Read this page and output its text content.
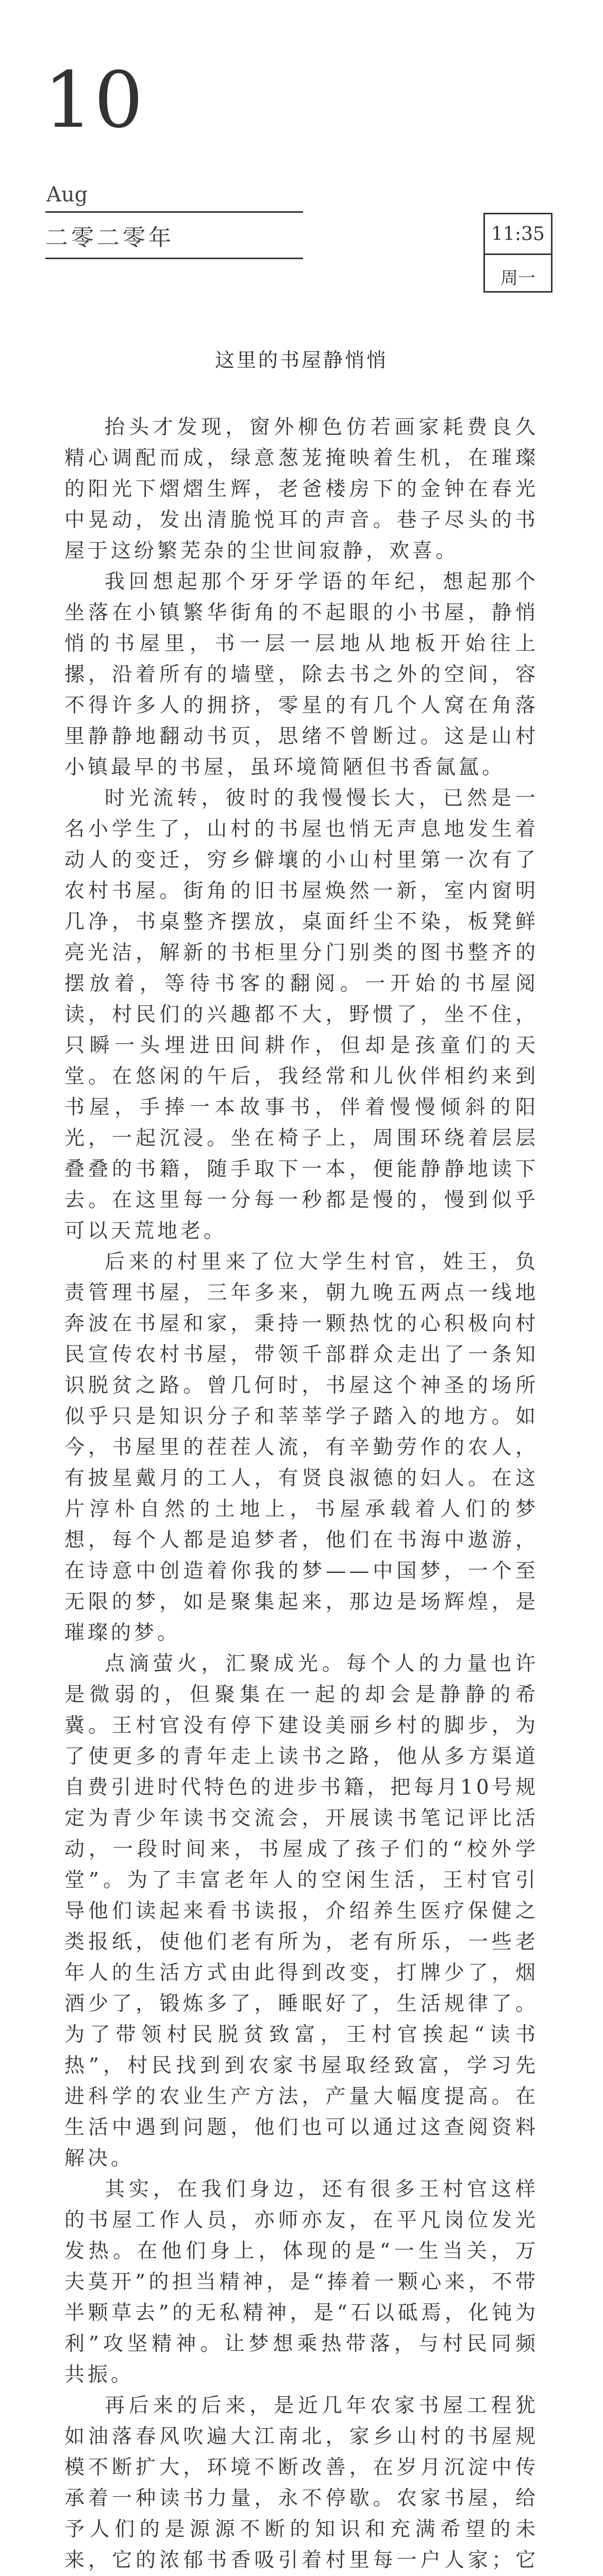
10
Aug
二零二零年	11:35
周一
这里的书屋静悄悄

抬头才发现，窗外柳色仿若画家耗费良久精心调配而成，绿意葱茏掩映着生机，在璀璨的阳光下熠熠生辉，老爸楼房下的金钟在春光中晃动，发出清脆悦耳的声音。巷子尽头的书屋于这纷繁芜杂的尘世间寂静，欢喜。

我回想起那个牙牙学语的年纪，想起那个坐落在小镇繁华街角的不起眼的小书屋，静悄悄的书屋里，书一层一层地从地板开始往上摞，沿着所有的墙壁，除去书之外的空间，容不得许多人的拥挤，零星的有几个人窝在角落里静静地翻动书页，思绪不曾断过。这是山村小镇最早的书屋，虽环境简陋但书香氤氲。

时光流转，彼时的我慢慢长大，已然是一名小学生了，山村的书屋也悄无声息地发生着动人的变迁，穷乡僻壤的小山村里第一次有了农村书屋。街角的旧书屋焕然一新，室内窗明几净，书桌整齐摆放，桌面纤尘不染，板凳鲜亮光洁，解新的书柜里分门别类的图书整齐的摆放着，等待书客的翻阅。一开始的书屋阅读，村民们的兴趣都不大，野惯了，坐不住，只瞬一头埋进田间耕作，但却是孩童们的天堂。在悠闲的午后，我经常和儿伙伴相约来到书屋，手捧一本故事书，伴着慢慢倾斜的阳光，一起沉浸。坐在椅子上，周围环绕着层层叠叠的书籍，随手取下一本，便能静静地读下去。在这里每一分每一秒都是慢的，慢到似乎可以天荒地老。

后来的村里来了位大学生村官，姓王，负责管理书屋，三年多来，朝九晚五两点一线地奔波在书屋和家，秉持一颗热忱的心积极向村民宣传农村书屋，带领千部群众走出了一条知识脱贫之路。曾几何时，书屋这个神圣的场所似乎只是知识分子和莘莘学子踏入的地方。如今，书屋里的茬茬人流，有辛勤劳作的农人，有披星戴月的工人，有贤良淑德的妇人。在这片淳朴自然的土地上，书屋承载着人们的梦想，每个人都是追梦者，他们在书海中遨游，在诗意中创造着你我的梦——中国梦，一个至无限的梦，如是聚集起来，那边是场辉煌，是璀璨的梦。

点滴萤火，汇聚成光。每个人的力量也许是微弱的，但聚集在一起的却会是静静的希冀。王村官没有停下建设美丽乡村的脚步，为了使更多的青年走上读书之路，他从多方渠道自费引进时代特色的进步书籍，把每月10号规定为青少年读书交流会，开展读书笔记评比活动，一段时间来，书屋成了孩子们的“校外学堂”。为了丰富老年人的空闲生活，王村官引导他们读起来看书读报，介绍养生医疗保健之类报纸，使他们老有所为，老有所乐，一些老年人的生活方式由此得到改变，打牌少了，烟酒少了，锻炼多了，睡眠好了，生活规律了。为了带领村民脱贫致富，王村官挨起“读书热”，村民找到到农家书屋取经致富，学习先进科学的农业生产方法，产量大幅度提高。在生活中遇到问题，他们也可以通过这查阅资料解决。

其实，在我们身边，还有很多王村官这样的书屋工作人员，亦师亦友，在平凡岗位发光发热。在他们身上，体现的是“一生当关，万夫莫开”的担当精神，是“捧着一颗心来，不带半颗草去”的无私精神，是“石以砥焉，化钝为利”攻坚精神。让梦想乘热带落，与村民同频共振。

再后来的后来，是近几年农家书屋工程犹如油落春风吹遍大江南北，家乡山村的书屋规模不断扩大，环境不断改善，在岁月沉淀中传承着一种读书力量，永不停歇。农家书屋，给予人们的是源源不断的知识和充满希望的未来，它的浓郁书香吸引着村里每一户人家；它
